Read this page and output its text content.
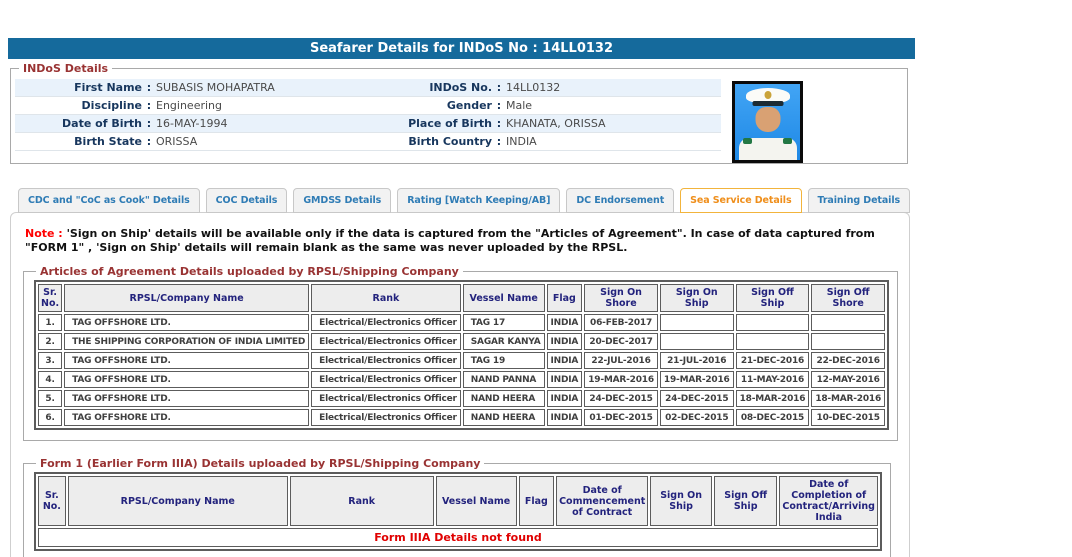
Seafarer Details for INDoS No : 14LL0132
INDoS Details
First Name : SUBASIS MOHAPATRA	INDoS No. : 14LL0132
Discipline : Engineering	Gender : Male
Date of Birth : 16-MAY-1994	Place of Birth : KHANATA, ORISSA
Birth State : ORISSA	Birth Country : INDIA
CDC and "CoC as Cook" Details	COC Details	GMDSS Details	Rating [Watch Keeping/AB]	DC Endorsement	Sea Service Details	Training Details
Note : 'Sign on Ship' details will be available only if the data is captured from the "Articles of Agreement". In case of data captured from "FORM 1" , 'Sign on Ship' details will remain blank as the same was never uploaded by the RPSL.
Articles of Agreement Details uploaded by RPSL/Shipping Company
Sr. No.	RPSL/Company Name	Rank	Vessel Name	Flag	Sign On Shore	Sign On Ship	Sign Off Ship	Sign Off Shore
1.	TAG OFFSHORE LTD.	Electrical/Electronics Officer	TAG 17	INDIA	06-FEB-2017			
2.	THE SHIPPING CORPORATION OF INDIA LIMITED	Electrical/Electronics Officer	SAGAR KANYA	INDIA	20-DEC-2017			
3.	TAG OFFSHORE LTD.	Electrical/Electronics Officer	TAG 19	INDIA	22-JUL-2016	21-JUL-2016	21-DEC-2016	22-DEC-2016
4.	TAG OFFSHORE LTD.	Electrical/Electronics Officer	NAND PANNA	INDIA	19-MAR-2016	19-MAR-2016	11-MAY-2016	12-MAY-2016
5.	TAG OFFSHORE LTD.	Electrical/Electronics Officer	NAND HEERA	INDIA	24-DEC-2015	24-DEC-2015	18-MAR-2016	18-MAR-2016
6.	TAG OFFSHORE LTD.	Electrical/Electronics Officer	NAND HEERA	INDIA	01-DEC-2015	02-DEC-2015	08-DEC-2015	10-DEC-2015
Form 1 (Earlier Form IIIA) Details uploaded by RPSL/Shipping Company
Sr. No.	RPSL/Company Name	Rank	Vessel Name	Flag	Date of Commencement of Contract	Sign On Ship	Sign Off Ship	Date of Completion of Contract/Arriving India
Form IIIA Details not found
